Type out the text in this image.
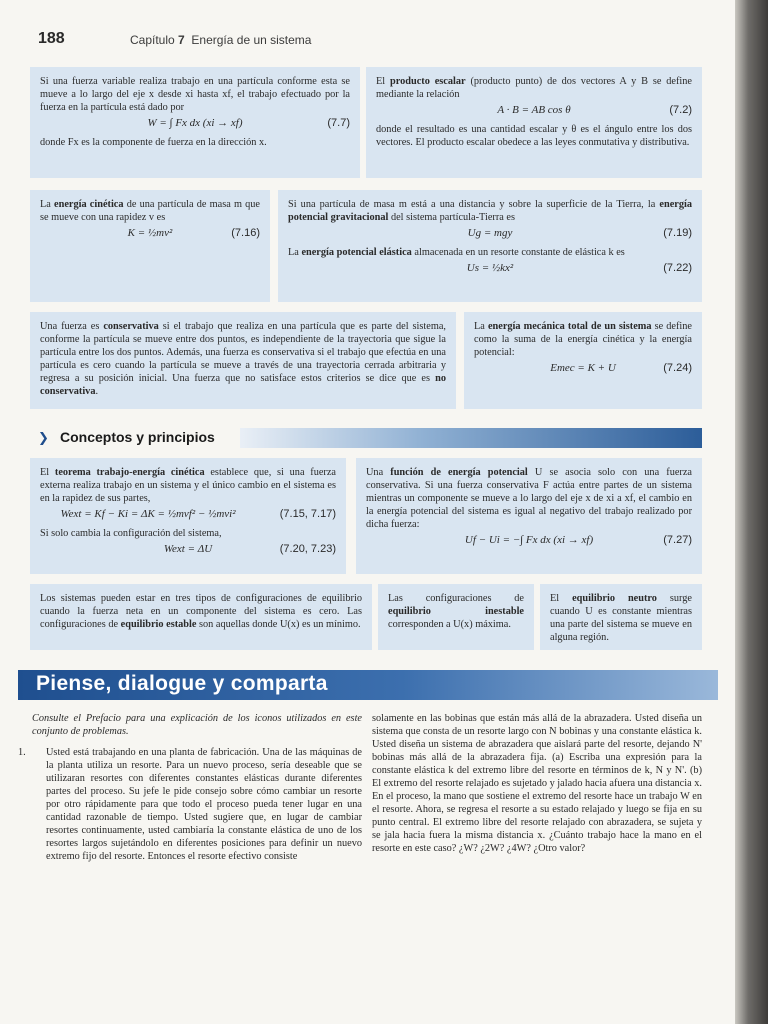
188	Capítulo 7 Energía de un sistema

Si una fuerza variable realiza trabajo en una partícula conforme esta se mueve a lo largo del eje x desde xi hasta xf, el trabajo efectuado por la fuerza en la partícula está dado por

W = ∫ Fx dx (xi → xf)	(7.7)

donde Fx es la componente de fuerza en la dirección x.

El producto escalar (producto punto) de dos vectores A y B se define mediante la relación

A · B = AB cos θ	(7.2)

donde el resultado es una cantidad escalar y θ es el ángulo entre los dos vectores. El producto escalar obedece a las leyes conmutativa y distributiva.

La energía cinética de una partícula de masa m que se mueve con una rapidez v es

K = ½mv²	(7.16)

Si una partícula de masa m está a una distancia y sobre la superficie de la Tierra, la energía potencial gravitacional del sistema partícula-Tierra es

Ug = mgy	(7.19)

La energía potencial elástica almacenada en un resorte constante de elástica k es

Us = ½kx²	(7.22)

Una fuerza es conservativa si el trabajo que realiza en una partícula que es parte del sistema, conforme la partícula se mueve entre dos puntos, es independiente de la trayectoria que sigue la partícula entre los dos puntos. Además, una fuerza es conservativa si el trabajo que efectúa en una partícula es cero cuando la partícula se mueve a través de una trayectoria cerrada arbitraria y regresa a su posición inicial. Una fuerza que no satisface estos criterios se dice que es no conservativa.

La energía mecánica total de un sistema se define como la suma de la energía cinética y la energía potencial:

Emec = K + U	(7.24)
❯ Conceptos y principios

El teorema trabajo-energía cinética establece que, si una fuerza externa realiza trabajo en un sistema y el único cambio en el sistema es en la rapidez de sus partes,

Wext = Kf − Ki = ΔK = ½mvf² − ½mvi²	(7.15, 7.17)

Si solo cambia la configuración del sistema,

Wext = ΔU	(7.20, 7.23)

Una función de energía potencial U se asocia solo con una fuerza conservativa. Si una fuerza conservativa F actúa entre partes de un sistema mientras un componente se mueve a lo largo del eje x de xi a xf, el cambio en la energía potencial del sistema es igual al negativo del trabajo realizado por dicha fuerza:

Uf − Ui = −∫ Fx dx (xi → xf)	(7.27)

Los sistemas pueden estar en tres tipos de configuraciones de equilibrio cuando la fuerza neta en un componente del sistema es cero. Las configuraciones de equilibrio estable son aquellas donde U(x) es un mínimo.

Las configuraciones de equilibrio inestable corresponden a U(x) máxima.

El equilibrio neutro surge cuando U es constante mientras una parte del sistema se mueve en alguna región.

Piense, dialogue y comparta

Consulte el Prefacio para una explicación de los iconos utilizados en este conjunto de problemas.

1. Usted está trabajando en una planta de fabricación. Una de las máquinas de la planta utiliza un resorte. Para un nuevo proceso, sería deseable que se utilizaran resortes con diferentes constantes elásticas durante diferentes partes del proceso. Su jefe le pide consejo sobre cómo cambiar un resorte por otro rápidamente para que todo el proceso pueda tener lugar en una cantidad razonable de tiempo. Usted sugiere que, en lugar de cambiar resortes continuamente, usted cambiaría la constante elástica de uno de los resortes largos sujetándolo en diferentes posiciones para definir un nuevo extremo fijo del resorte. Entonces el resorte efectivo consiste

solamente en las bobinas que están más allá de la abrazadera. Usted diseña un sistema que consta de un resorte largo con N bobinas y una constante elástica k. Usted diseña un sistema de abrazadera que aislará parte del resorte, dejando N' bobinas más allá de la abrazadera fija. (a) Escriba una expresión para la constante elástica k del extremo libre del resorte en términos de k, N y N'. (b) El extremo del resorte relajado es sujetado y jalado hacia afuera una distancia x. En el proceso, la mano que sostiene el extremo del resorte hace un trabajo W en el resorte. Ahora, se regresa el resorte a su estado relajado y luego se fija en su punto central. El extremo libre del resorte relajado con abrazadera, se sujeta y se jala hacia fuera la misma distancia x. ¿Cuánto trabajo hace la mano en el resorte en este caso? ¿W? ¿2W? ¿4W? ¿Otro valor?
